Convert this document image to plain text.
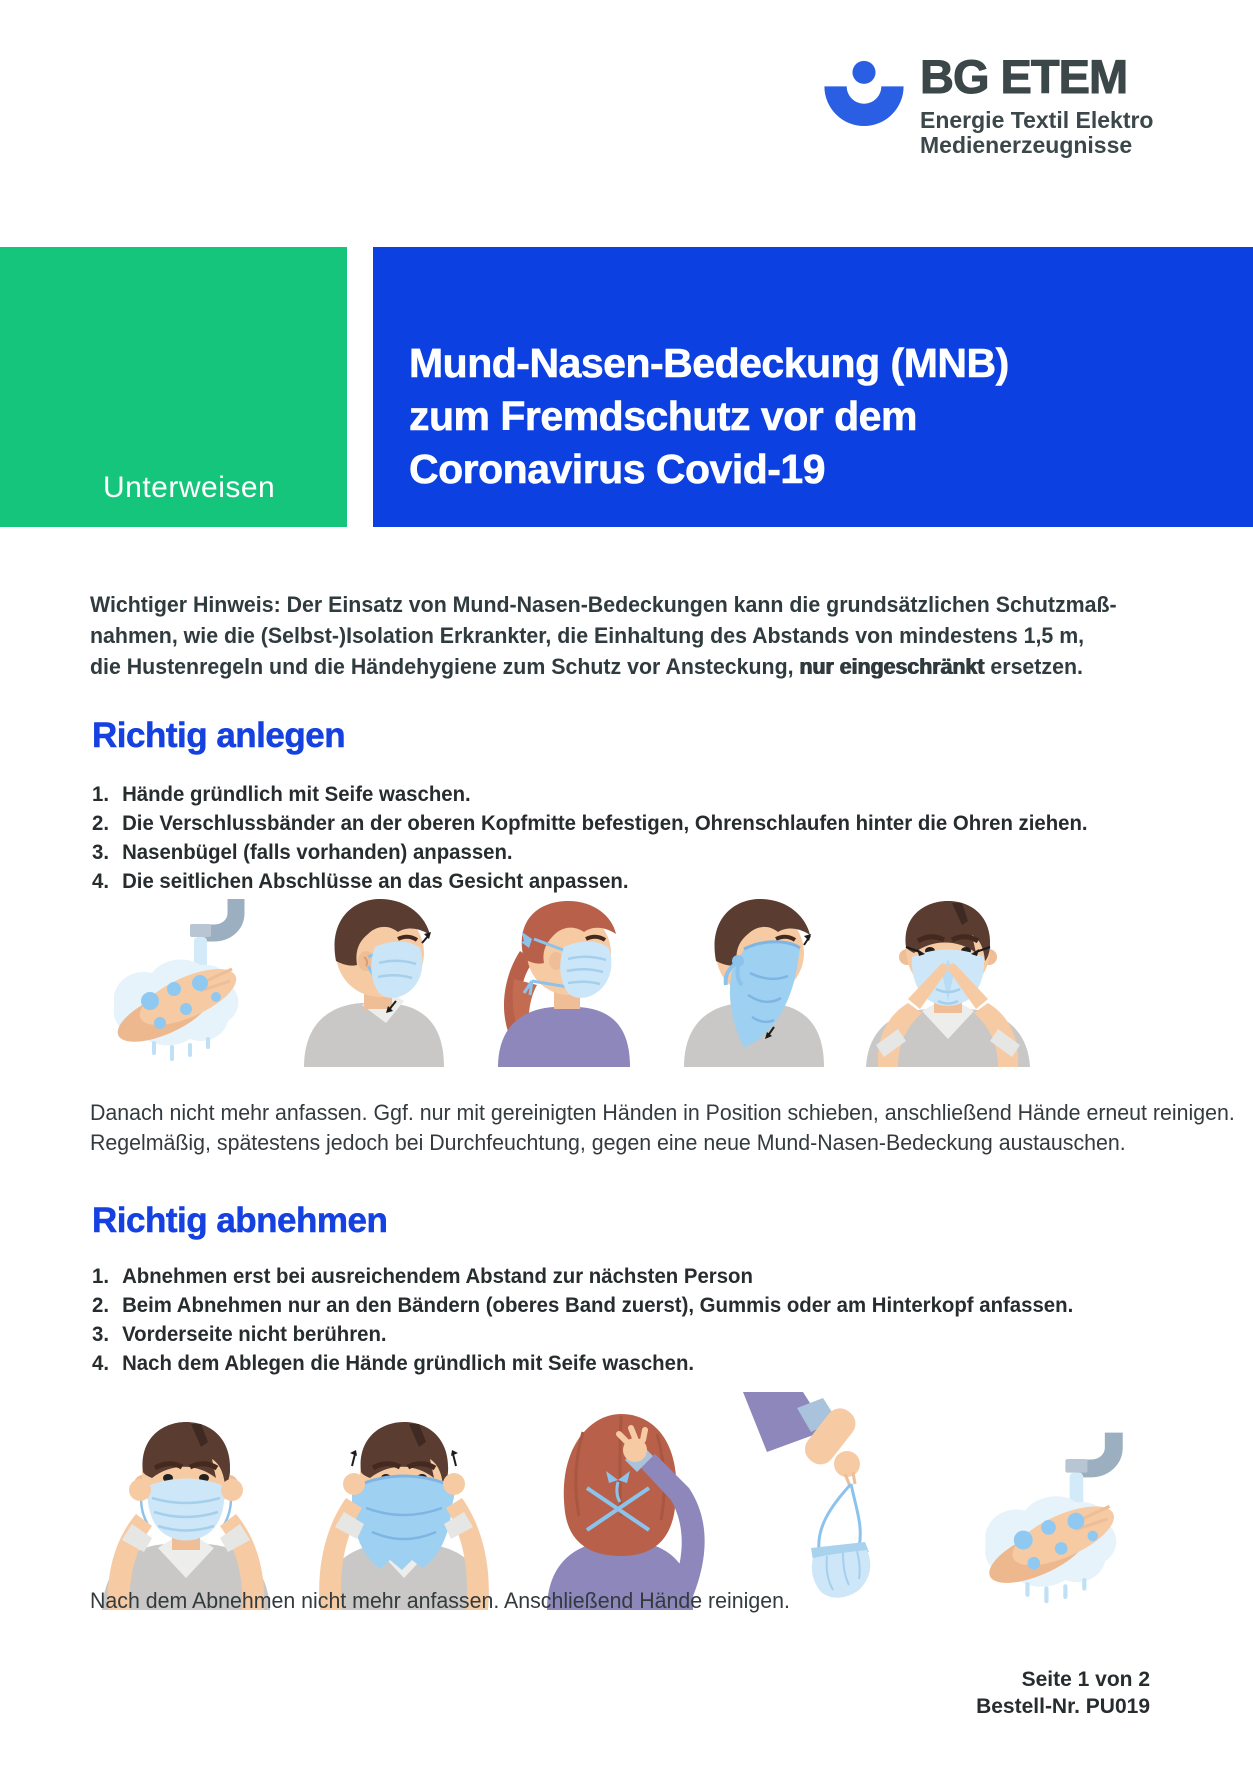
BG ETEM
Energie Textil Elektro
Medienerzeugnisse
Unterweisen
Mund-Nasen-Bedeckung (MNB)
zum Fremdschutz vor dem
Coronavirus Covid-19
Wichtiger Hinweis: Der Einsatz von Mund-Nasen-Bedeckungen kann die grundsätzlichen Schutzmaß-
nahmen, wie die (Selbst-)Isolation Erkrankter, die Einhaltung des Abstands von mindestens 1,5 m,
die Hustenregeln und die Händehygiene zum Schutz vor Ansteckung, nur eingeschränkt ersetzen.
Richtig anlegen
1. Hände gründlich mit Seife waschen.
2. Die Verschlussbänder an der oberen Kopfmitte befestigen, Ohrenschlaufen hinter die Ohren ziehen.
3. Nasenbügel (falls vorhanden) anpassen.
4. Die seitlichen Abschlüsse an das Gesicht anpassen.
Danach nicht mehr anfassen. Ggf. nur mit gereinigten Händen in Position schieben, anschließend Hände erneut reinigen.
Regelmäßig, spätestens jedoch bei Durchfeuchtung, gegen eine neue Mund-Nasen-Bedeckung austauschen.
Richtig abnehmen
1. Abnehmen erst bei ausreichendem Abstand zur nächsten Person
2. Beim Abnehmen nur an den Bändern (oberes Band zuerst), Gummis oder am Hinterkopf anfassen.
3. Vorderseite nicht berühren.
4. Nach dem Ablegen die Hände gründlich mit Seife waschen.
Nach dem Abnehmen nicht mehr anfassen. Anschließend Hände reinigen.
Seite 1 von 2
Bestell-Nr. PU019
